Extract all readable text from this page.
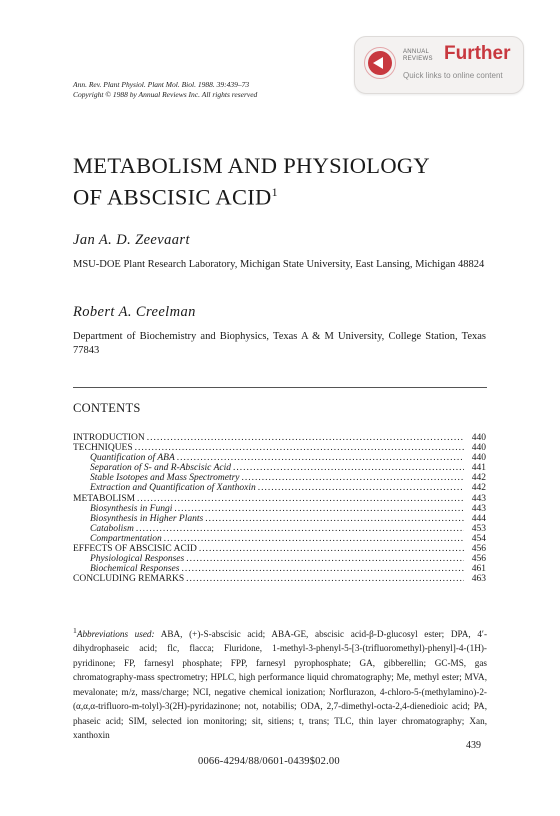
ANNUAL
REVIEWS Further
Quick links to online content
Ann. Rev. Plant Physiol. Plant Mol. Biol. 1988. 39:439–73
Copyright © 1988 by Annual Reviews Inc. All rights reserved
METABOLISM AND PHYSIOLOGY
OF ABSCISIC ACID$^1$
Jan A. D. Zeevaart
MSU-DOE Plant Research Laboratory, Michigan State University, East Lansing, Michigan 48824
Robert A. Creelman
Department of Biochemistry and Biophysics, Texas A & M University, College Station, Texas 77843
CONTENTS
INTRODUCTION .....	440
TECHNIQUES .....	440
Quantification of ABA .....	440
Separation of S- and R-Abscisic Acid .....	441
Stable Isotopes and Mass Spectrometry .....	442
Extraction and Quantification of Xanthoxin .....	442
METABOLISM .....	443
Biosynthesis in Fungi .....	443
Biosynthesis in Higher Plants .....	444
Catabolism .....	453
Compartmentation .....	454
EFFECTS OF ABSCISIC ACID .....	456
Physiological Responses .....	456
Biochemical Responses .....	461
CONCLUDING REMARKS .....	463
$^1$Abbreviations used: ABA, (+)-S-abscisic acid; ABA-GE, abscisic acid-β-D-glucosyl ester; DPA, 4′-dihydrophaseic acid; flc, flacca; Fluridone, 1-methyl-3-phenyl-5-[3-(trifluoromethyl)-phenyl]-4-(1H)-pyridinone; FP, farnesyl phosphate; FPP, farnesyl pyrophosphate; GA, gibberellin; GC-MS, gas chromatography-mass spectrometry; HPLC, high performance liquid chromatography; Me, methyl ester; MVA, mevalonate; m/z, mass/charge; NCI, negative chemical ionization; Norflurazon, 4-chloro-5-(methylamino)-2-(α,α,α-trifluoro-m-tolyl)-3(2H)-pyridazinone; not, notabilis; ODA, 2,7-dimethyl-octa-2,4-dienedioic acid; PA, phaseic acid; SIM, selected ion monitoring; sit, sitiens; t, trans; TLC, thin layer chromatography; Xan, xanthoxin
439
0066-4294/88/0601-0439$02.00
